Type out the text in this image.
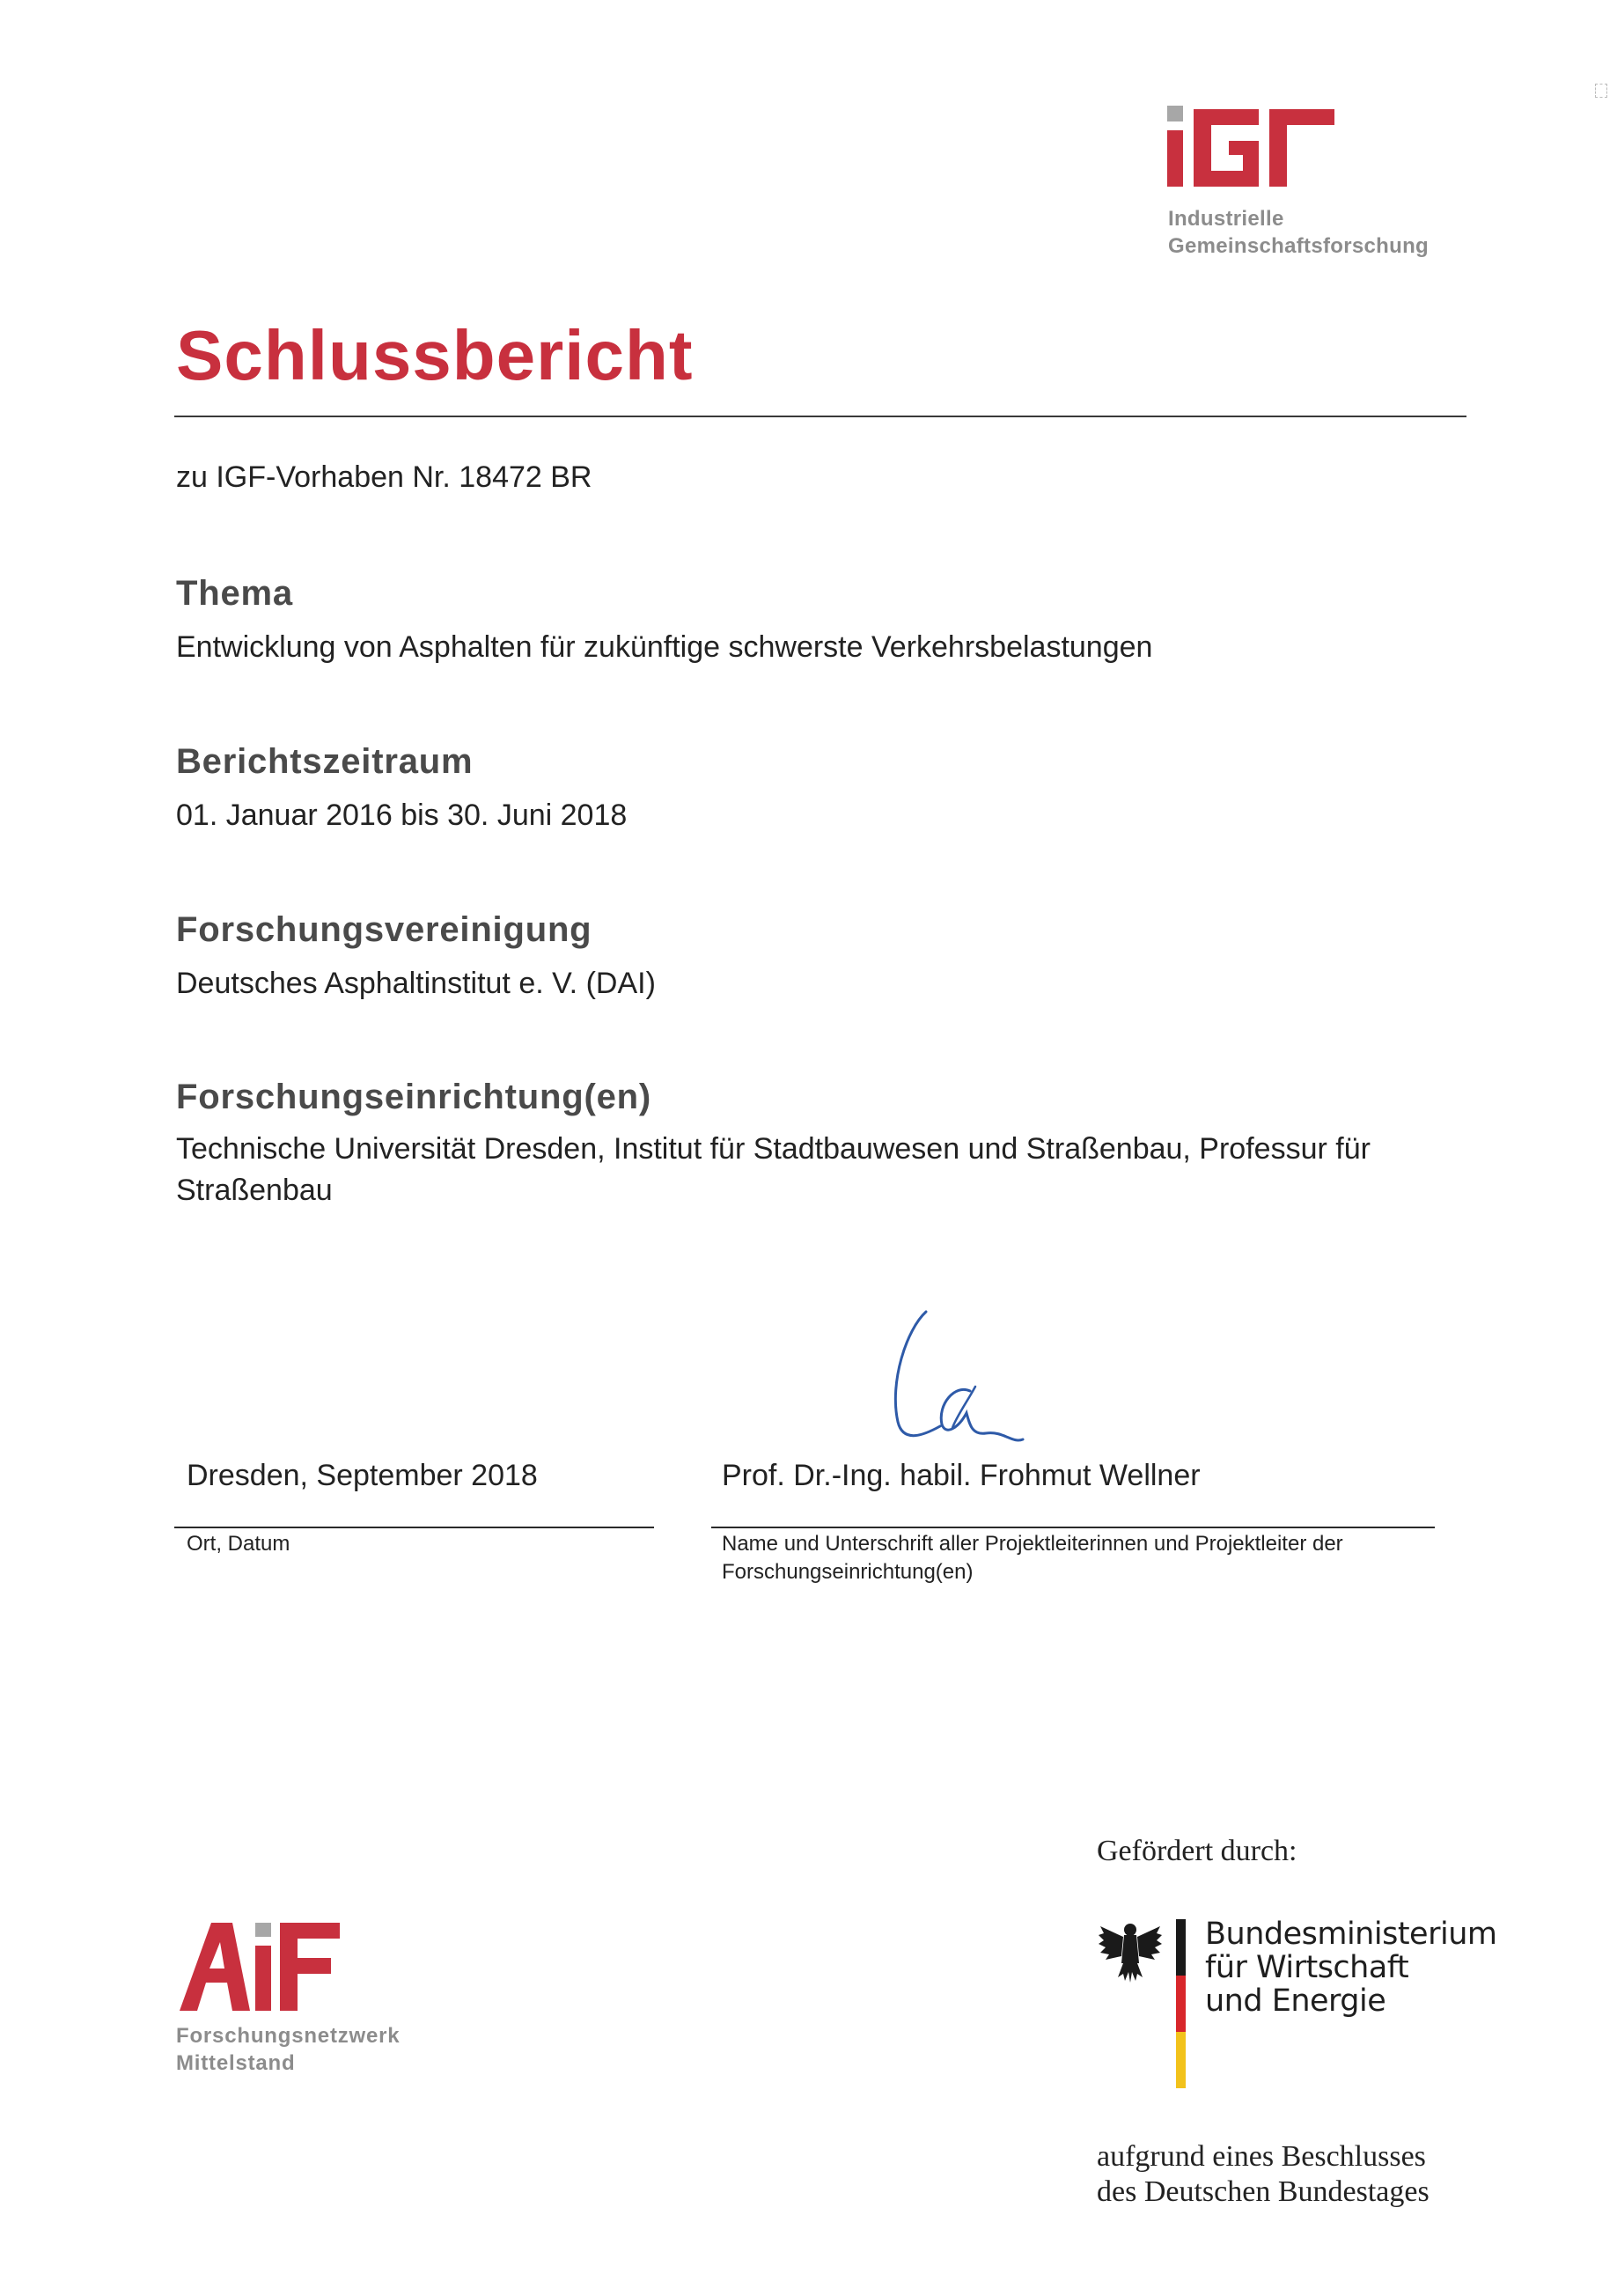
Industrielle
Gemeinschaftsforschung
Schlussbericht
zu IGF-Vorhaben Nr. 18472 BR
Thema
Entwicklung von Asphalten für zukünftige schwerste Verkehrsbelastungen
Berichtszeitraum
01. Januar 2016 bis 30. Juni 2018
Forschungsvereinigung
Deutsches Asphaltinstitut e. V. (DAI)
Forschungseinrichtung(en)
Technische Universität Dresden, Institut für Stadtbauwesen und Straßenbau, Professur für Straßenbau
Dresden, September 2018
Ort, Datum
Prof. Dr.-Ing. habil. Frohmut Wellner
Name und Unterschrift aller Projektleiterinnen und Projektleiter der Forschungseinrichtung(en)
Gefördert durch:
Bundesministerium
für Wirtschaft
und Energie
aufgrund eines Beschlusses
des Deutschen Bundestages
Forschungsnetzwerk
Mittelstand
